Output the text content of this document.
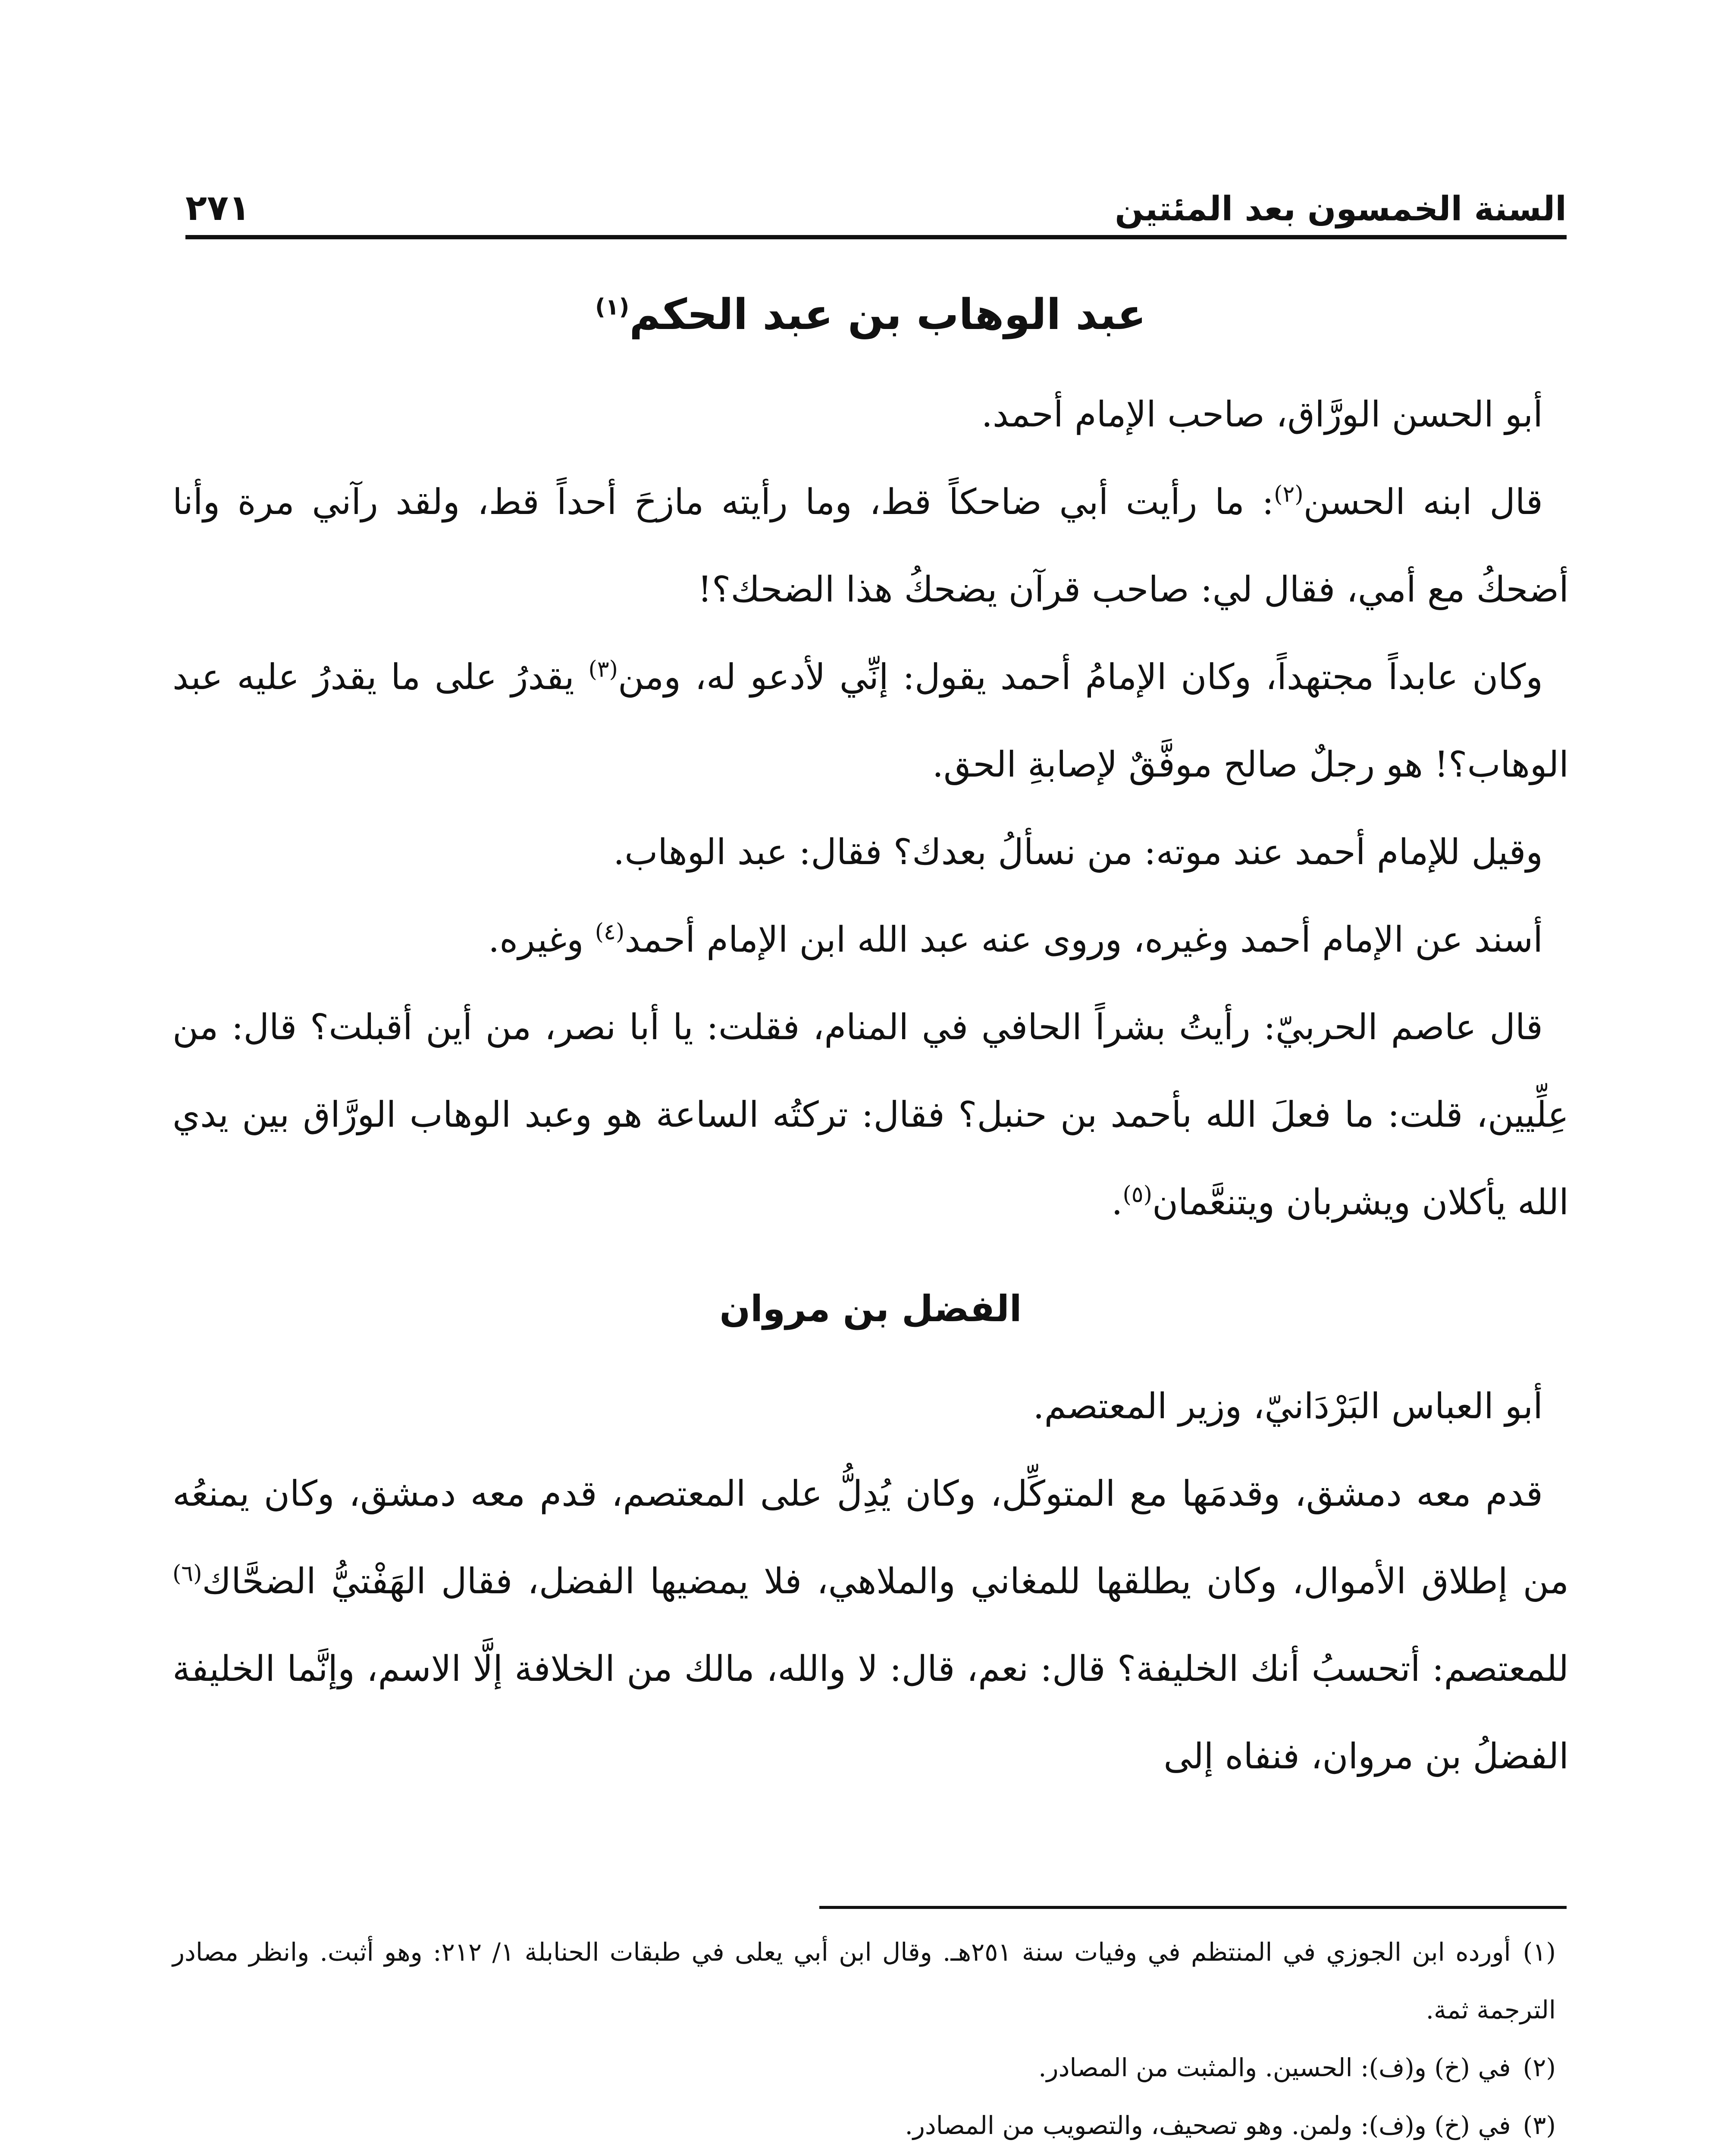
السنة الخمسون بعد المئتين
٢٧١
عبد الوهاب بن عبد الحكم$^{(١)}$

أبو الحسن الورَّاق، صاحب الإمام أحمد.

قال ابنه الحسن$^{(٢)}$: ما رأيت أبي ضاحكاً قط، وما رأيته مازحَ أحداً قط، ولقد رآني مرة وأنا أضحكُ مع أمي، فقال لي: صاحب قرآن يضحكُ هذا الضحك؟!

وكان عابداً مجتهداً، وكان الإمامُ أحمد يقول: إنِّي لأدعو له، ومن$^{(٣)}$ يقدرُ على ما يقدرُ عليه عبد الوهاب؟! هو رجلٌ صالح موفَّقٌ لإصابةِ الحق.

وقيل للإمام أحمد عند موته: من نسألُ بعدك؟ فقال: عبد الوهاب.

أسند عن الإمام أحمد وغيره، وروى عنه عبد الله ابن الإمام أحمد$^{(٤)}$ وغيره.

قال عاصم الحربيّ: رأيتُ بشراً الحافي في المنام، فقلت: يا أبا نصر، من أين أقبلت؟ قال: من عِلِّيين، قلت: ما فعلَ الله بأحمد بن حنبل؟ فقال: تركتُه الساعة هو وعبد الوهاب الورَّاق بين يدي الله يأكلان ويشربان ويتنعَّمان$^{(٥)}$.

الفضل بن مروان

أبو العباس البَرْدَانيّ، وزير المعتصم.

قدم معه دمشق، وقدمَها مع المتوكِّل، وكان يُدِلُّ على المعتصم، قدم معه دمشق، وكان يمنعُه من إطلاق الأموال، وكان يطلقها للمغاني والملاهي، فلا يمضيها الفضل، فقال الهَفْتيُّ الضحَّاك$^{(٦)}$ للمعتصم: أتحسبُ أنك الخليفة؟ قال: نعم، قال: لا والله، مالك من الخلافة إلَّا الاسم، وإنَّما الخليفة الفضلُ بن مروان، فنفاه إلى

(١)أورده ابن الجوزي في المنتظم في وفيات سنة ٢٥١هـ. وقال ابن أبي يعلى في طبقات الحنابلة ١/ ٢١٢: وهو أثبت. وانظر مصادر الترجمة ثمة.

(٢)في (خ) و(ف): الحسين. والمثبت من المصادر.

(٣)في (خ) و(ف): ولمن. وهو تصحيف، والتصويب من المصادر.
